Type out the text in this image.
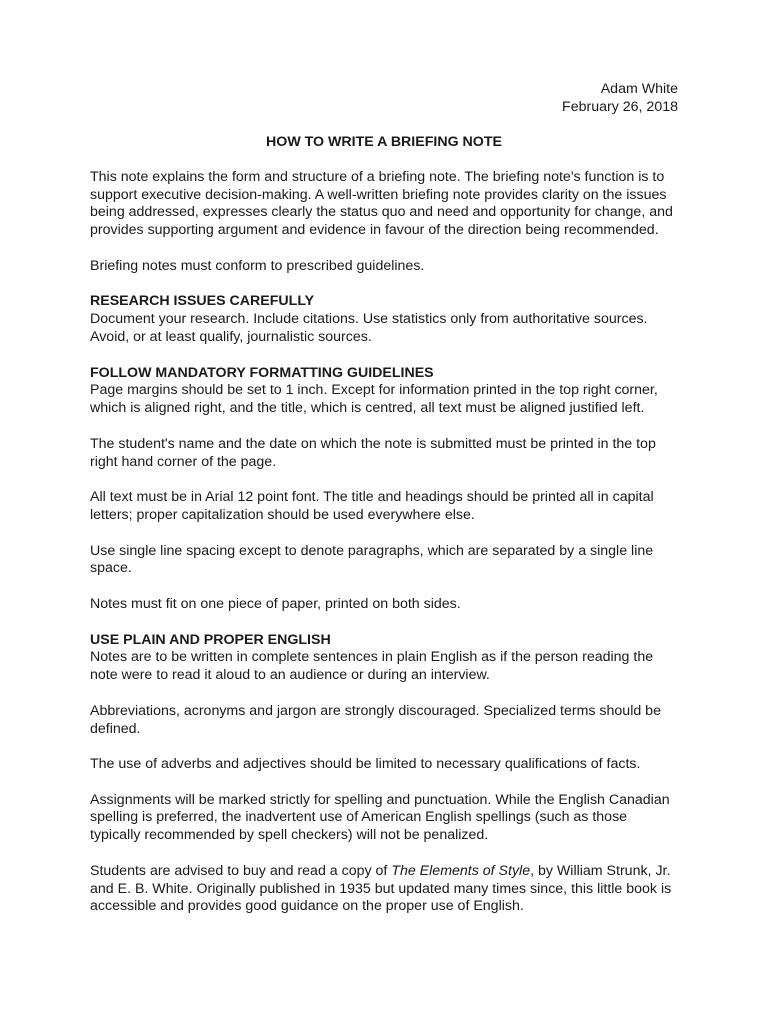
Adam White
February 26, 2018
HOW TO WRITE A BRIEFING NOTE

This note explains the form and structure of a briefing note. The briefing note's function is to support executive decision-making. A well-written briefing note provides clarity on the issues being addressed, expresses clearly the status quo and need and opportunity for change, and provides supporting argument and evidence in favour of the direction being recommended.

Briefing notes must conform to prescribed guidelines.

RESEARCH ISSUES CAREFULLY

Document your research. Include citations. Use statistics only from authoritative sources. Avoid, or at least qualify, journalistic sources.

FOLLOW MANDATORY FORMATTING GUIDELINES

Page margins should be set to 1 inch. Except for information printed in the top right corner, which is aligned right, and the title, which is centred, all text must be aligned justified left.

The student's name and the date on which the note is submitted must be printed in the top right hand corner of the page.

All text must be in Arial 12 point font. The title and headings should be printed all in capital letters; proper capitalization should be used everywhere else.

Use single line spacing except to denote paragraphs, which are separated by a single line space.

Notes must fit on one piece of paper, printed on both sides.

USE PLAIN AND PROPER ENGLISH

Notes are to be written in complete sentences in plain English as if the person reading the note were to read it aloud to an audience or during an interview.

Abbreviations, acronyms and jargon are strongly discouraged. Specialized terms should be defined.

The use of adverbs and adjectives should be limited to necessary qualifications of facts.

Assignments will be marked strictly for spelling and punctuation. While the English Canadian spelling is preferred, the inadvertent use of American English spellings (such as those typically recommended by spell checkers) will not be penalized.

Students are advised to buy and read a copy of The Elements of Style, by William Strunk, Jr. and E. B. White. Originally published in 1935 but updated many times since, this little book is accessible and provides good guidance on the proper use of English.
